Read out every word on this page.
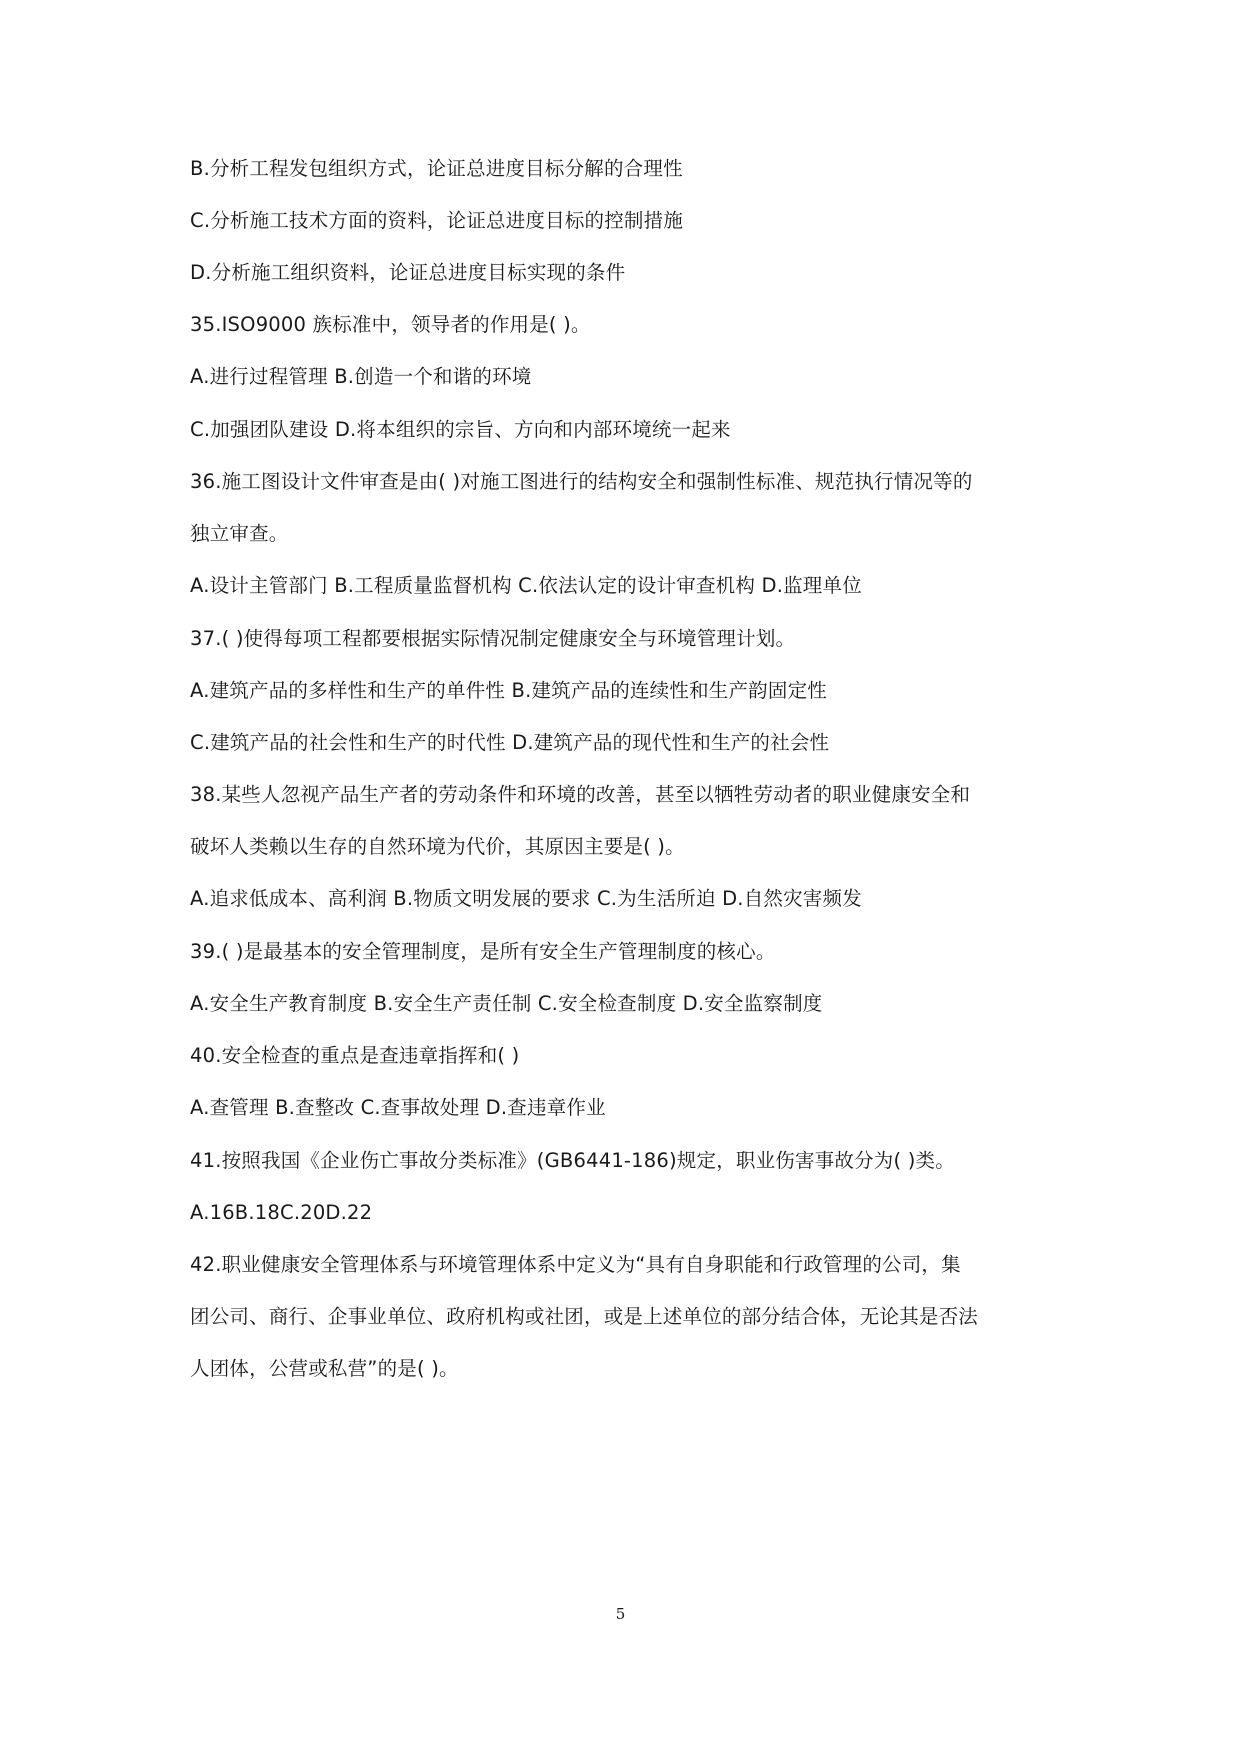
B.分析工程发包组织方式，论证总进度目标分解的合理性
C.分析施工技术方面的资料，论证总进度目标的控制措施
D.分析施工组织资料，论证总进度目标实现的条件
35.ISO9000 族标准中，领导者的作用是( )。
A.进行过程管理 B.创造一个和谐的环境
C.加强团队建设 D.将本组织的宗旨、方向和内部环境统一起来
36.施工图设计文件审查是由( )对施工图进行的结构安全和强制性标准、规范执行情况等的
独立审查。
A.设计主管部门 B.工程质量监督机构 C.依法认定的设计审查机构 D.监理单位
37.( )使得每项工程都要根据实际情况制定健康安全与环境管理计划。
A.建筑产品的多样性和生产的单件性 B.建筑产品的连续性和生产韵固定性
C.建筑产品的社会性和生产的时代性 D.建筑产品的现代性和生产的社会性
38.某些人忽视产品生产者的劳动条件和环境的改善，甚至以牺牲劳动者的职业健康安全和
破坏人类赖以生存的自然环境为代价，其原因主要是( )。
A.追求低成本、高利润 B.物质文明发展的要求 C.为生活所迫 D.自然灾害频发
39.( )是最基本的安全管理制度，是所有安全生产管理制度的核心。
A.安全生产教育制度 B.安全生产责任制 C.安全检查制度 D.安全监察制度
40.安全检查的重点是查违章指挥和( )
A.查管理 B.查整改 C.查事故处理 D.查违章作业
41.按照我国《企业伤亡事故分类标准》(GB6441-186)规定，职业伤害事故分为( )类。
A.16B.18C.20D.22
42.职业健康安全管理体系与环境管理体系中定义为“具有自身职能和行政管理的公司，集
团公司、商行、企事业单位、政府机构或社团，或是上述单位的部分结合体，无论其是否法
人团体，公营或私营”的是( )。
5
